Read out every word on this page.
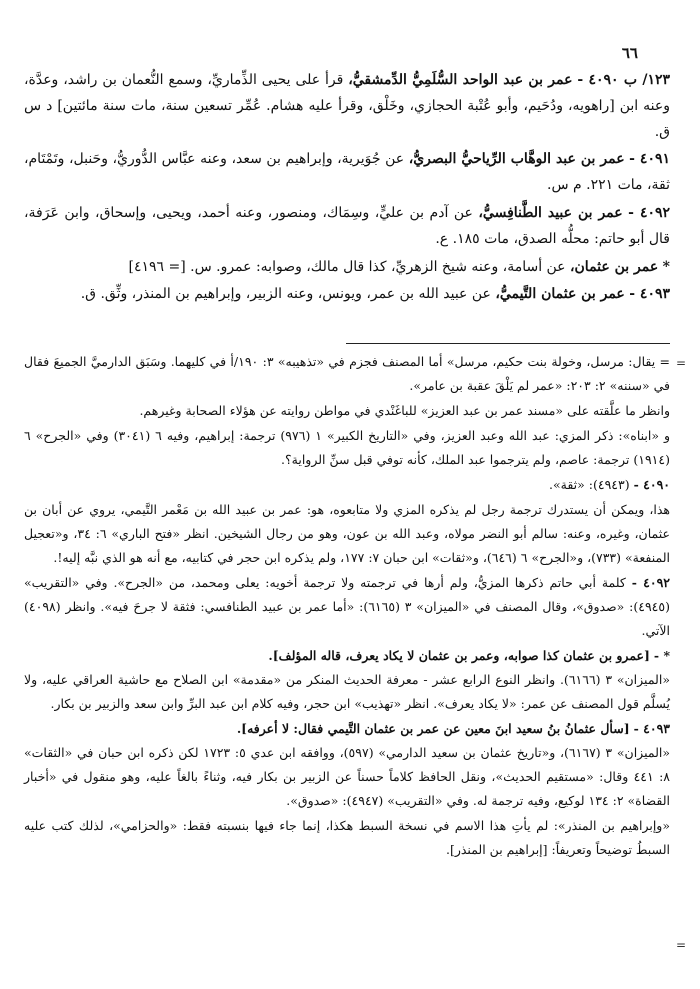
٦٦

١٢٣/ ب ٤٠٩٠ - عمر بن عبد الواحد السُّلَمِيُّ الدِّمشقيُّ، قرأ على يحيى الذِّماريِّ، وسمع النُّعمان بن راشد، وعدَّة، وعنه ابن [راهويه، ودُحَيم، وأبو عُتْبة الحجازي، وخَلْق، وقرأ عليه هشام. عُمِّر تسعين سنة، مات سنة مائتين] د س ق.

٤٠٩١ - عمر بن عبد الوهَّاب الرِّياحيُّ البصريُّ، عن جُوَيرية، وإبراهيم بن سعد، وعنه عبَّاس الدُّوريُّ، وحَنبل، وتَمْتَام، ثقة، مات ٢٢١. م س.

٤٠٩٢ - عمر بن عبيد الطَّنافِسيُّ، عن آدم بن عليٍّ، وسِمَاك، ومنصور، وعنه أحمد، ويحيى، وإسحاق، وابن عَرَفة، قال أبو حاتم: محلُّه الصدق، مات ١٨٥. ع.

* عمر بن عثمان، عن أسامة، وعنه شيخ الزهريِّ، كذا قال مالك، وصوابه: عمرو. س. [= ٤١٩٦]

٤٠٩٣ - عمر بن عثمان التَّيميُّ، عن عبيد الله بن عمر، ويونس، وعنه الزبير، وإبراهيم بن المنذر، وثِّق. ق.

= يقال: مرسل، وخولة بنت حكيم، مرسل» أما المصنف فجزم في «تذهيبه» ٣: ١٩٠/أ في كليهما. وسَبَق الدارميَّ الجميعَ فقال في «سننه» ٢: ٢٠٣: «عمر لم يَلْقَ عقبة بن عامر».

وانظر ما علَّقته على «مسند عمر بن عبد العزيز» للباغَنْدي في مواطن روايته عن هؤلاء الصحابة وغيرهم.

و «ابناه»: ذكر المزي: عبد الله وعبد العزيز، وفي «التاريخ الكبير» ١ (٩٧٦) ترجمة: إبراهيم، وفيه ٦ (٣٠٤١) وفي «الجرح» ٦ (١٩١٤) ترجمة: عاصم، ولم يترجموا عبد الملك، كأنه توفي قبل سنِّ الرواية؟.

٤٠٩٠ - (٤٩٤٣): «ثقة».

هذا، ويمكن أن يستدرك ترجمة رجل لم يذكره المزي ولا متابعوه، هو: عمر بن عبيد الله بن مَعْمر التَّيمي، يروي عن أبان بن عثمان، وغيره، وعنه: سالم أبو النضر مولاه، وعبد الله بن عون، وهو من رجال الشيخين. انظر «فتح الباري» ٦: ٣٤، و«تعجيل المنفعة» (٧٣٣)، و«الجرح» ٦ (٦٤٦)، و«ثقات» ابن حبان ٧: ١٧٧، ولم يذكره ابن حجر في كتابيه، مع أنه هو الذي نبَّه إليه!.

٤٠٩٢ - كلمة أبي حاتم ذكرها المزيُّ، ولم أرها في ترجمته ولا ترجمة أخويه: يعلى ومحمد، من «الجرح». وفي «التقريب» (٤٩٤٥): «صدوق»، وقال المصنف في «الميزان» ٣ (٦١٦٥): «أما عمر بن عبيد الطنافسي: فثقة لا جرحَ فيه». وانظر (٤٠٩٨) الآتي.

* - [عمرو بن عثمان كذا صوابه، وعمر بن عثمان لا يكاد يعرف، قاله المؤلف].
«الميزان» ٣ (٦١٦٦). وانظر النوع الرابع عشر - معرفة الحديث المنكر من «مقدمة» ابن الصلاح مع حاشية العراقي عليه، ولا يُسلَّم قول المصنف عن عمر: «لا يكاد يعرف». انظر «تهذيب» ابن حجر، وفيه كلام ابن عبد البرِّ وابن سعد والزبير بن بكار.

٤٠٩٣ - [سأل عثمانُ بنُ سعيد ابنَ معين عن عمر بن عثمان التَّيمي فقال: لا أعرفه].
«الميزان» ٣ (٦١٦٧)، و«تاريخ عثمان بن سعيد الدارمي» (٥٩٧)، ووافقه ابن عدي ٥: ١٧٢٣ لكن ذكره ابن حبان في «الثقات» ٨: ٤٤١ وقال: «مستقيم الحديث»، ونقل الحافظ كلاماً حسناً عن الزبير بن بكار فيه، وثناءً بالغاً عليه، وهو منقول في «أخبار القضاة» ٢: ١٣٤ لوكيع، وفيه ترجمة له. وفي «التقريب» (٤٩٤٧): «صدوق».

«وإبراهيم بن المنذر»: لم يأتِ هذا الاسم في نسخة السبط هكذا، إنما جاء فيها بنسبته فقط: «والحزامي»، لذلك كتب عليه السبطُ توضيحاً وتعريفاً: [إبراهيم بن المنذر].

=
=
